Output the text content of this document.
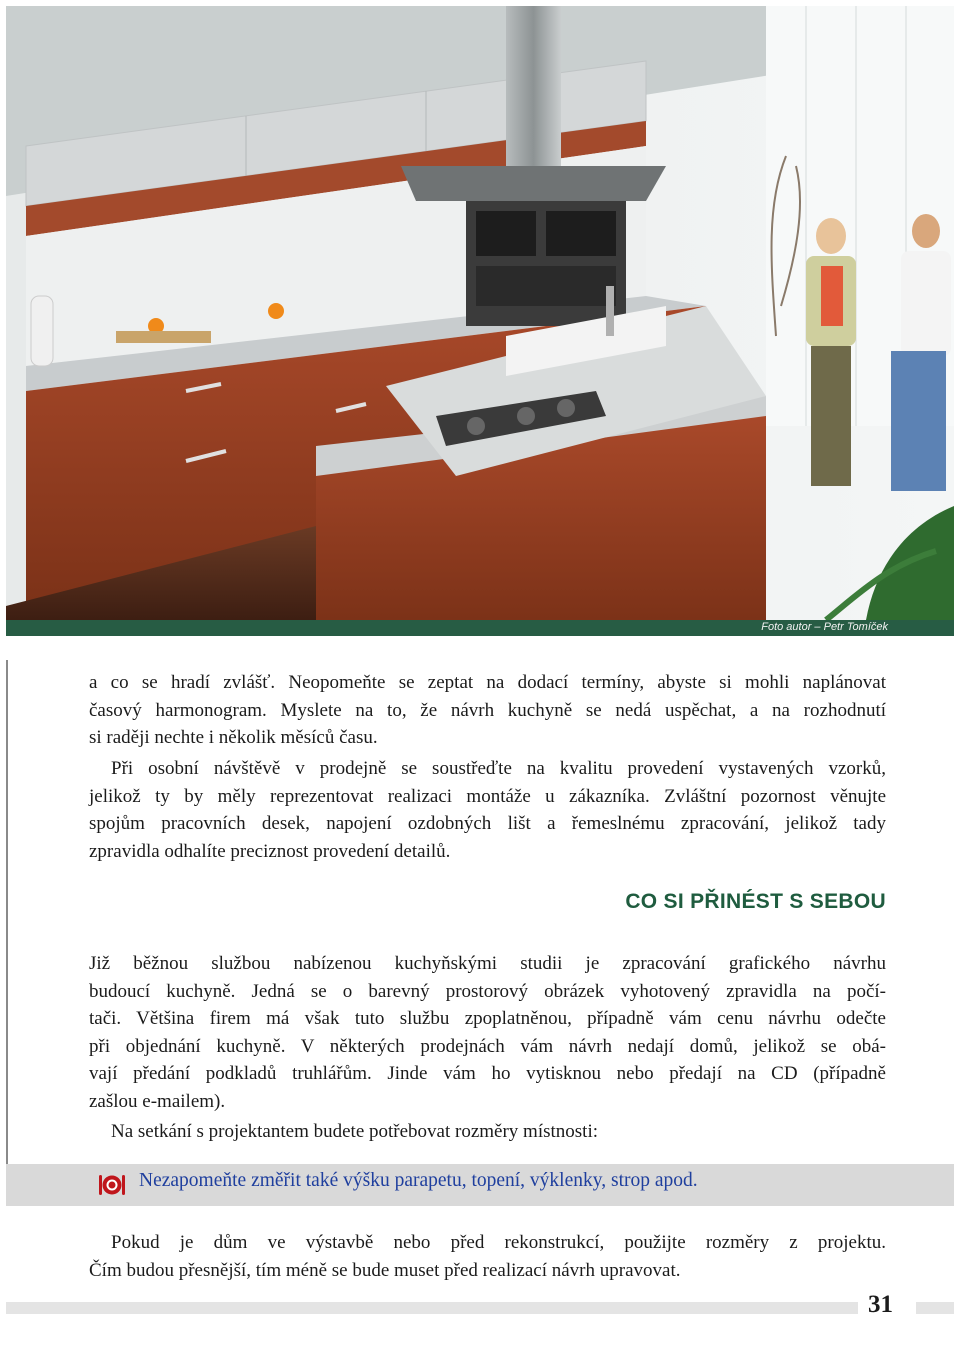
Foto autor – Petr Tomíček

a co se hradí zvlášť. Neopomeňte se zeptat na dodací termíny, abyste si mohli naplánovat

časový harmonogram. Myslete na to, že návrh kuchyně se nedá uspěchat, a na rozhodnutí

si raději nechte i několik měsíců času.

Při osobní návštěvě v prodejně se soustřeďte na kvalitu provedení vystavených vzorků,

jelikož ty by měly reprezentovat realizaci montáže u zákazníka. Zvláštní pozornost věnujte

spojům pracovních desek, napojení ozdobných lišt a řemeslnému zpracování, jelikož tady

zpravidla odhalíte preciznost provedení detailů.

CO SI PŘINÉST S SEBOU

Již běžnou službou nabízenou kuchyňskými studii je zpracování grafického návrhu

budoucí kuchyně. Jedná se o barevný prostorový obrázek vyhotovený zpravidla na počí-

tači. Většina firem má však tuto službu zpoplatněnou, případně vám cenu návrhu odečte

při objednání kuchyně. V některých prodejnách vám návrh nedají domů, jelikož se obá-

vají předání podkladů truhlářům. Jinde vám ho vytisknou nebo předají na CD (případně

zašlou e-mailem).

Na setkání s projektantem budete potřebovat rozměry místnosti:

Nezapomeňte změřit také výšku parapetu, topení, výklenky, strop apod.

Pokud je dům ve výstavbě nebo před rekonstrukcí, použijte rozměry z projektu.

Čím budou přesnější, tím méně se bude muset před realizací návrh upravovat.

31
